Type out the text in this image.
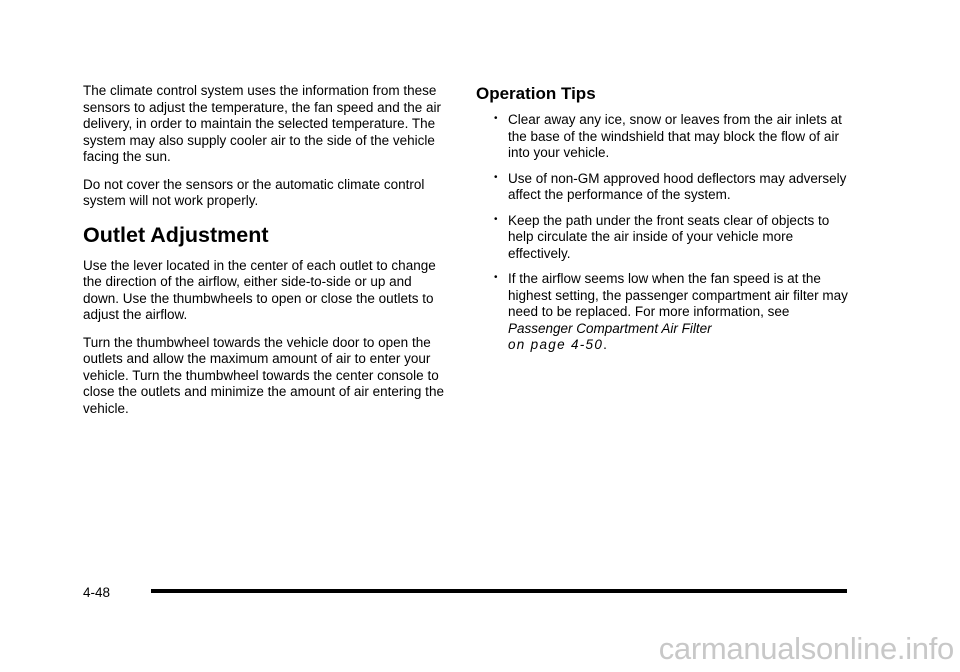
The climate control system uses the information from these sensors to adjust the temperature, the fan speed and the air delivery, in order to maintain the selected temperature. The system may also supply cooler air to the side of the vehicle facing the sun.

Do not cover the sensors or the automatic climate control system will not work properly.

Outlet Adjustment

Use the lever located in the center of each outlet to change the direction of the airflow, either side-to-side or up and down. Use the thumbwheels to open or close the outlets to adjust the airflow.

Turn the thumbwheel towards the vehicle door to open the outlets and allow the maximum amount of air to enter your vehicle. Turn the thumbwheel towards the center console to close the outlets and minimize the amount of air entering the vehicle.

Operation Tips
• Clear away any ice, snow or leaves from the air inlets at the base of the windshield that may block the flow of air into your vehicle.
• Use of non-GM approved hood deflectors may adversely affect the performance of the system.
• Keep the path under the front seats clear of objects to help circulate the air inside of your vehicle more effectively.
• If the airflow seems low when the fan speed is at the highest setting, the passenger compartment air filter may need to be replaced. For more information, see Passenger Compartment Air Filter
on page 4-50.
4-48
carmanualsonline.info
